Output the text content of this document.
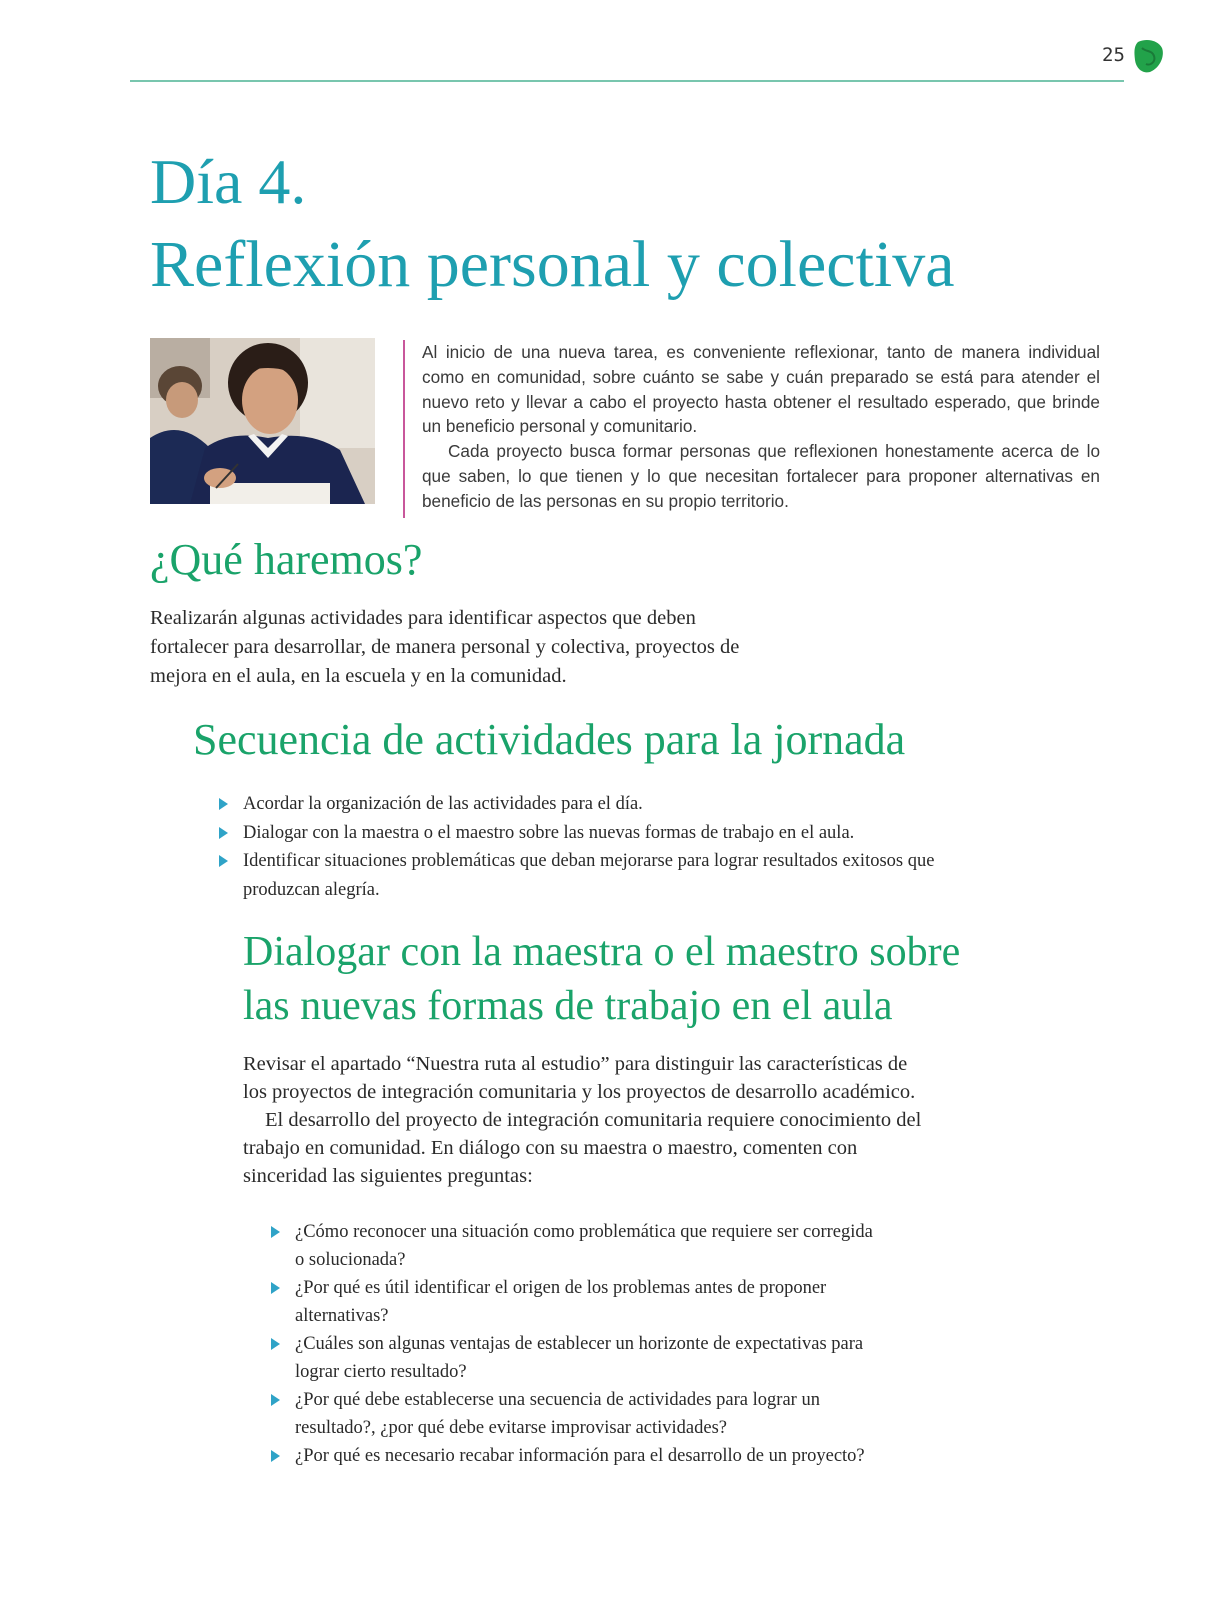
25
Día 4.
Reflexión personal y colectiva

Al inicio de una nueva tarea, es conveniente reflexionar, tanto de manera individual como en comunidad, sobre cuánto se sabe y cuán preparado se está para atender el nuevo reto y llevar a cabo el proyecto hasta obtener el resultado esperado, que brinde un beneficio personal y comunitario.

Cada proyecto busca formar personas que reflexionen honestamente acerca de lo que saben, lo que tienen y lo que necesitan fortalecer para proponer alternativas en beneficio de las personas en su propio territorio.

¿Qué haremos?
Realizarán algunas actividades para identificar aspectos que deben fortalecer para desarrollar, de manera personal y colectiva, proyectos de mejora en el aula, en la escuela y en la comunidad.
Secuencia de actividades para la jornada
Acordar la organización de las actividades para el día.
Dialogar con la maestra o el maestro sobre las nuevas formas de trabajo en el aula.
Identificar situaciones problemáticas que deban mejorarse para lograr resultados exitosos que produzcan alegría.
Dialogar con la maestra o el maestro sobre las nuevas formas de trabajo en el aula

Revisar el apartado “Nuestra ruta al estudio” para distinguir las características de los proyectos de integración comunitaria y los proyectos de desarrollo académico.

El desarrollo del proyecto de integración comunitaria requiere conocimiento del trabajo en comunidad. En diálogo con su maestra o maestro, comenten con sinceridad las siguientes preguntas:

¿Cómo reconocer una situación como problemática que requiere ser corregida o solucionada?
¿Por qué es útil identificar el origen de los problemas antes de proponer alternativas?
¿Cuáles son algunas ventajas de establecer un horizonte de expectativas para lograr cierto resultado?
¿Por qué debe establecerse una secuencia de actividades para lograr un resultado?, ¿por qué debe evitarse improvisar actividades?
¿Por qué es necesario recabar información para el desarrollo de un proyecto?
